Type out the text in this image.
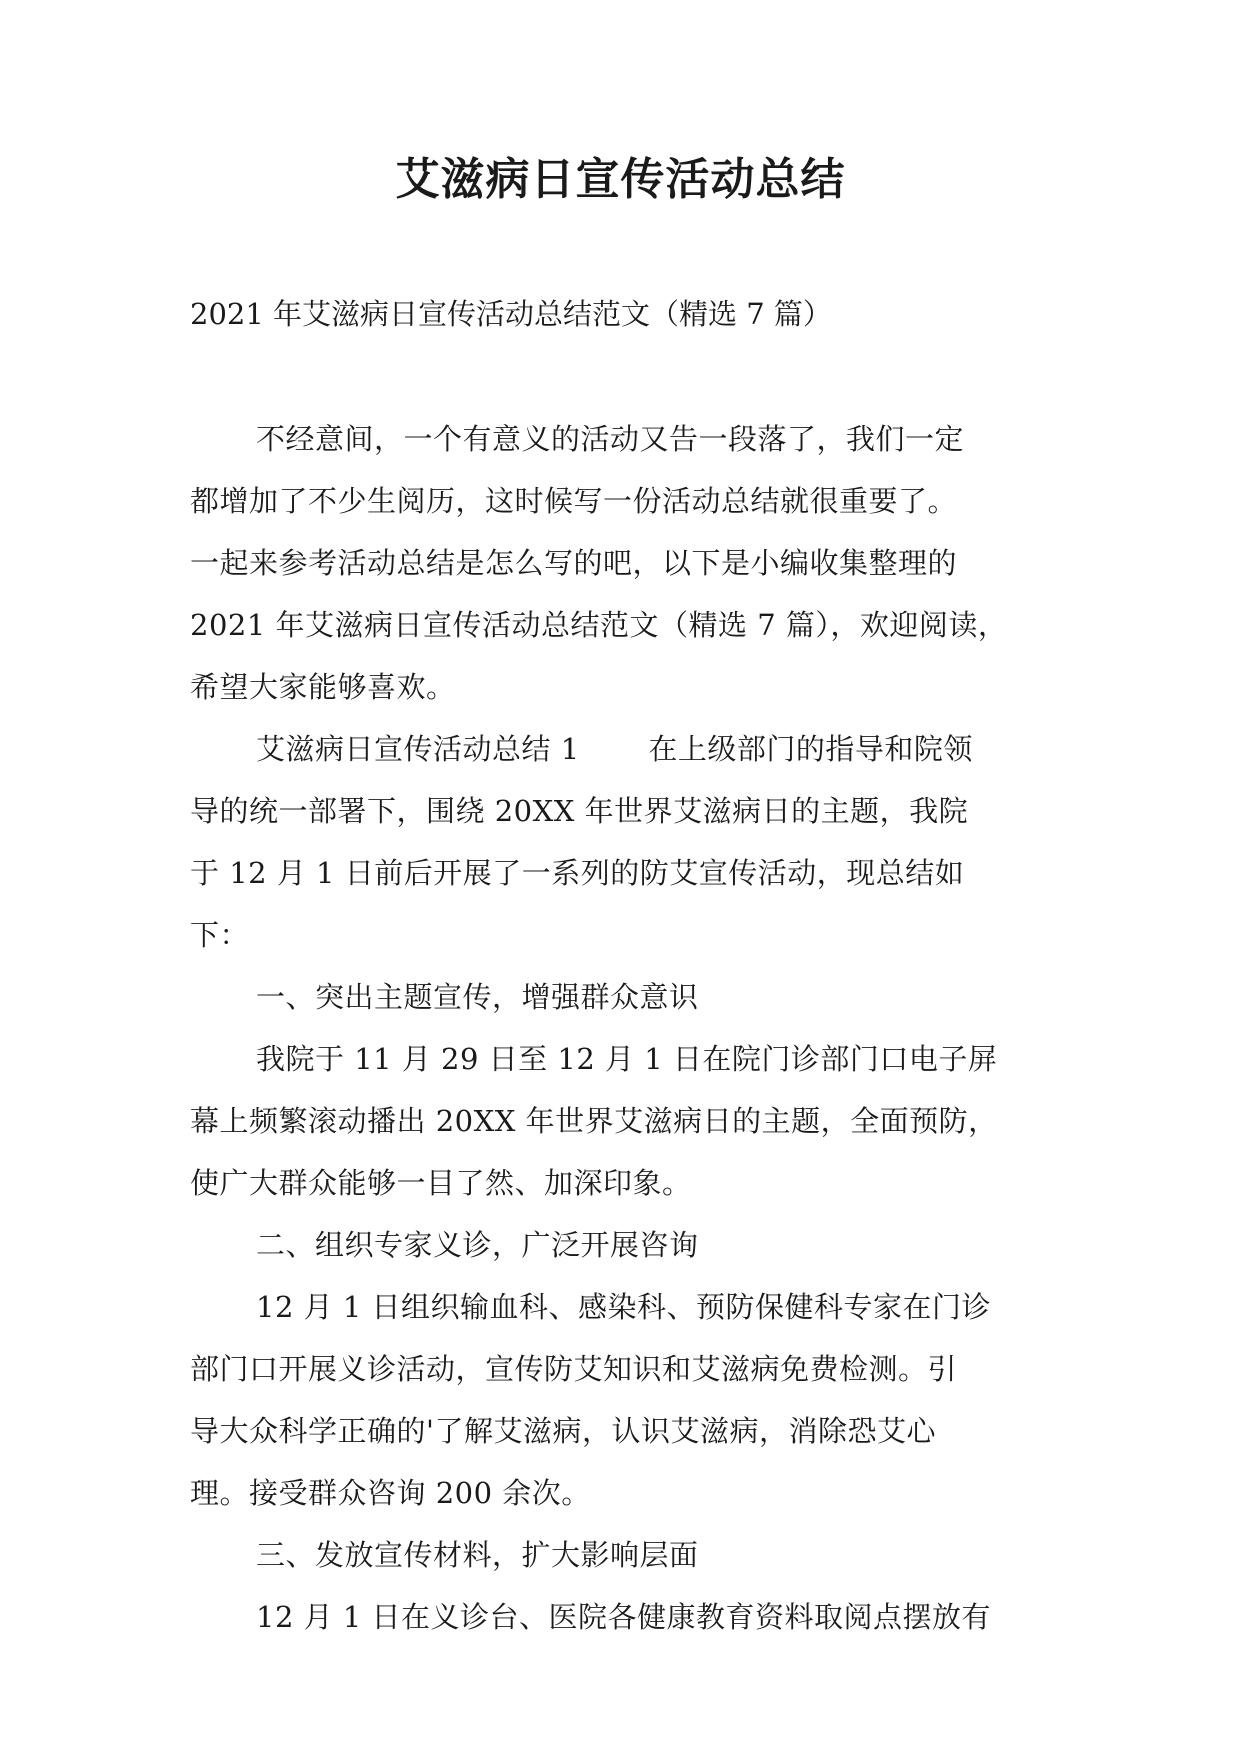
艾滋病日宣传活动总结
2021 年艾滋病日宣传活动总结范文（精选 7 篇）
不经意间，一个有意义的活动又告一段落了，我们一定
都增加了不少生阅历，这时候写一份活动总结就很重要了。
一起来参考活动总结是怎么写的吧，以下是小编收集整理的
2021 年艾滋病日宣传活动总结范文（精选 7 篇），欢迎阅读，
希望大家能够喜欢。
艾滋病日宣传活动总结 1　　 在上级部门的指导和院领
导的统一部署下，围绕 20XX 年世界艾滋病日的主题，我院
于 12 月 1 日前后开展了一系列的防艾宣传活动，现总结如
下：
一、突出主题宣传，增强群众意识
我院于 11 月 29 日至 12 月 1 日在院门诊部门口电子屏
幕上频繁滚动播出 20XX 年世界艾滋病日的主题，全面预防，
使广大群众能够一目了然、加深印象。
二、组织专家义诊，广泛开展咨询
12 月 1 日组织输血科、感染科、预防保健科专家在门诊
部门口开展义诊活动，宣传防艾知识和艾滋病免费检测。引
导大众科学正确的'了解艾滋病，认识艾滋病，消除恐艾心
理。接受群众咨询 200 余次。
三、发放宣传材料，扩大影响层面
12 月 1 日在义诊台、医院各健康教育资料取阅点摆放有
